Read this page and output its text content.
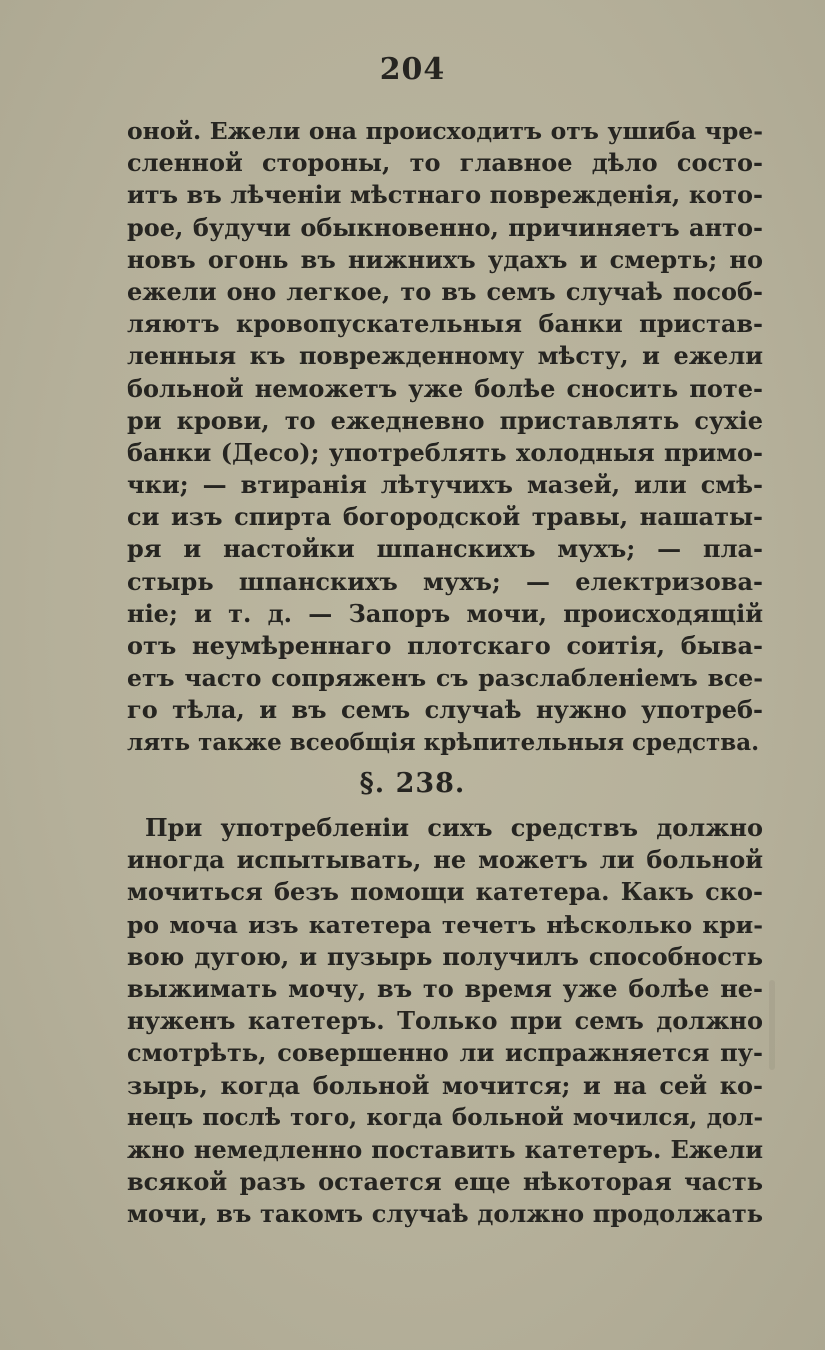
204
оной. Ежели она происходитъ отъ ушиба чре-
сленной стороны, то главное дѣло состо-
итъ въ лѣченіи мѣстнаго поврежденія, кото-
рое, будучи обыкновенно, причиняетъ анто-
новъ огонь въ нижнихъ удахъ и смерть; но
ежели оно легкое, то въ семъ случаѣ пособ-
ляютъ кровопускательныя банки пристав-
ленныя къ поврежденному мѣсту, и ежели
больной неможетъ уже болѣе сносить поте-
ри крови, то ежедневно приставлять сухіе
банки (Десо); употреблять холодныя примо-
чки; — втиранія лѣтучихъ мазей, или смѣ-
си изъ спирта богородской травы, нашаты-
ря и настойки шпанскихъ мухъ; — пла-
стырь шпанскихъ мухъ; — електризова-
ніе; и т. д. — Запоръ мочи, происходящій
отъ неумѣреннаго плотскаго соитія, быва-
етъ часто сопряженъ съ разслабленіемъ все-
го тѣла, и въ семъ случаѣ нужно употреб-
лять также всеобщія крѣпительныя средства.
§. 238.
При употребленіи сихъ средствъ должно
иногда испытывать, не можетъ ли больной
мочиться безъ помощи катетера. Какъ ско-
ро моча изъ катетера течетъ нѣсколько кри-
вою дугою, и пузырь получилъ способность
выжимать мочу, въ то время уже болѣе не-
нуженъ катетеръ. Только при семъ должно
смотрѣть, совершенно ли испражняется пу-
зырь, когда больной мочится; и на сей ко-
нецъ послѣ того, когда больной мочился, дол-
жно немедленно поставить катетеръ. Ежели
всякой разъ остается еще нѣкоторая часть
мочи, въ такомъ случаѣ должно продолжать
